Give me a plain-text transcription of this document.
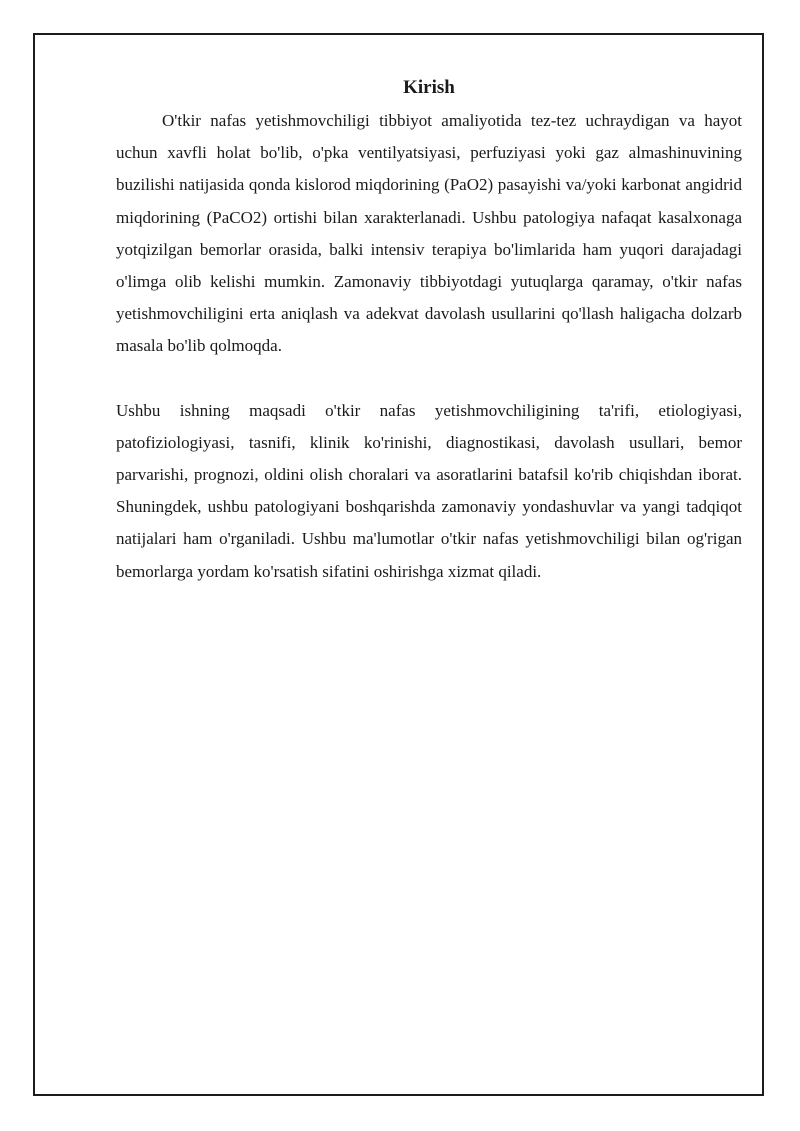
Kirish

O'tkir nafas yetishmovchiligi tibbiyot amaliyotida tez-tez uchraydigan va hayot uchun xavfli holat bo'lib, o'pka ventilyatsiyasi, perfuziyasi yoki gaz almashinuvining buzilishi natijasida qonda kislorod miqdorining (PaO2) pasayishi va/yoki karbonat angidrid miqdorining (PaCO2) ortishi bilan xarakterlanadi. Ushbu patologiya nafaqat kasalxonaga yotqizilgan bemorlar orasida, balki intensiv terapiya bo'limlarida ham yuqori darajadagi o'limga olib kelishi mumkin. Zamonaviy tibbiyotdagi yutuqlarga qaramay, o'tkir nafas yetishmovchiligini erta aniqlash va adekvat davolash usullarini qo'llash haligacha dolzarb masala bo'lib qolmoqda.

Ushbu ishning maqsadi o'tkir nafas yetishmovchiligining ta'rifi, etiologiyasi, patofiziologiyasi, tasnifi, klinik ko'rinishi, diagnostikasi, davolash usullari, bemor parvarishi, prognozi, oldini olish choralari va asoratlarini batafsil ko'rib chiqishdan iborat. Shuningdek, ushbu patologiyani boshqarishda zamonaviy yondashuvlar va yangi tadqiqot natijalari ham o'rganiladi. Ushbu ma'lumotlar o'tkir nafas yetishmovchiligi bilan og'rigan bemorlarga yordam ko'rsatish sifatini oshirishga xizmat qiladi.
